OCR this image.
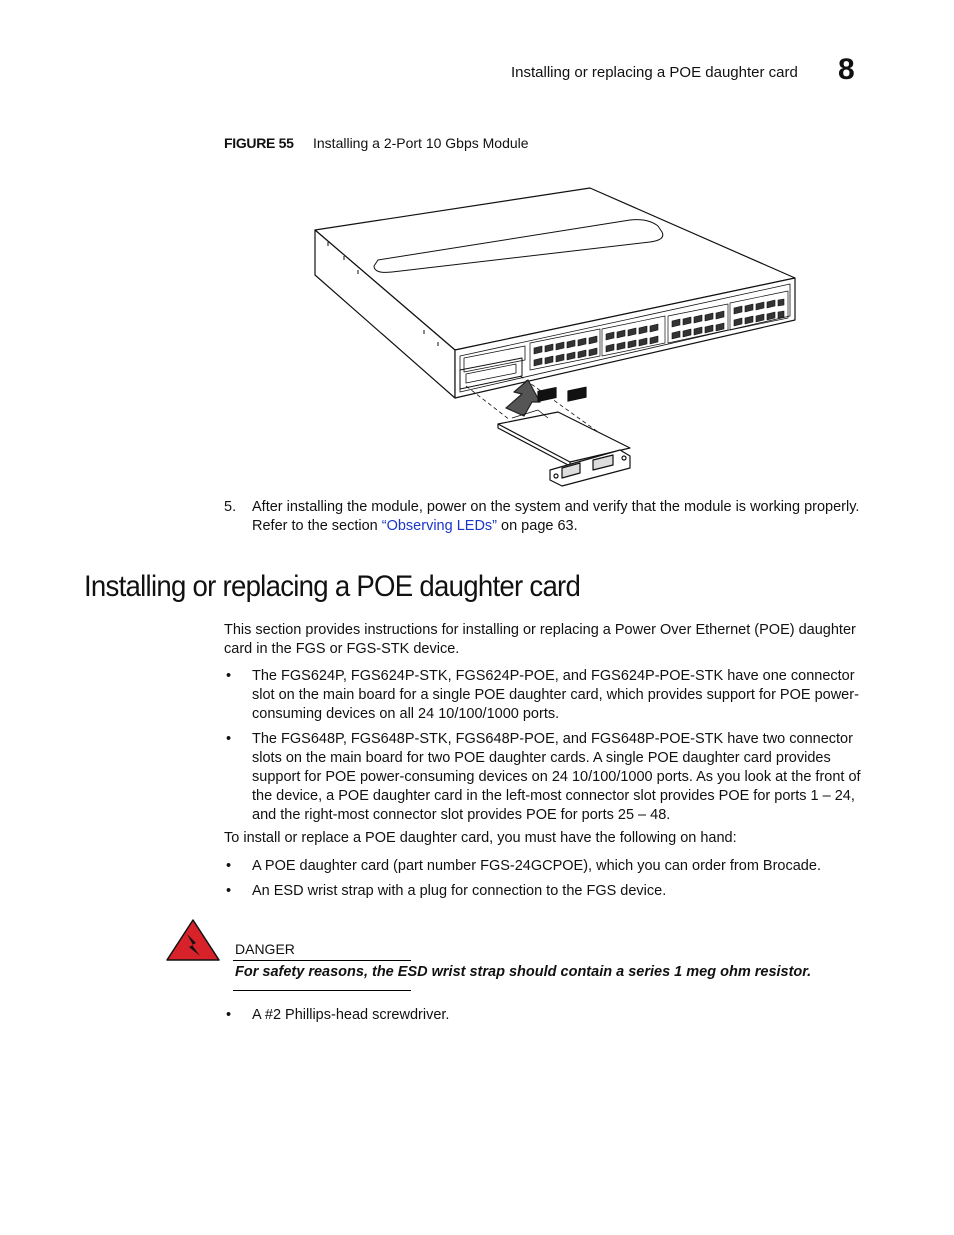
Installing or replacing a POE daughter card 8
FIGURE 55 Installing a 2-Port 10 Gbps Module
5. After installing the module, power on the system and verify that the module is working properly. Refer to the section “Observing LEDs” on page 63.
Installing or replacing a POE daughter card
This section provides instructions for installing or replacing a Power Over Ethernet (POE) daughter card in the FGS or FGS-STK device.
• The FGS624P, FGS624P-STK, FGS624P-POE, and FGS624P-POE-STK have one connector slot on the main board for a single POE daughter card, which provides support for POE power-consuming devices on all 24 10/100/1000 ports.
• The FGS648P, FGS648P-STK, FGS648P-POE, and FGS648P-POE-STK have two connector slots on the main board for two POE daughter cards. A single POE daughter card provides support for POE power-consuming devices on 24 10/100/1000 ports. As you look at the front of the device, a POE daughter card in the left-most connector slot provides POE for ports 1 – 24, and the right-most connector slot provides POE for ports 25 – 48.
To install or replace a POE daughter card, you must have the following on hand:
• A POE daughter card (part number FGS-24GCPOE), which you can order from Brocade.
• An ESD wrist strap with a plug for connection to the FGS device.
DANGER
For safety reasons, the ESD wrist strap should contain a series 1 meg ohm resistor.
• A #2 Phillips-head screwdriver.
